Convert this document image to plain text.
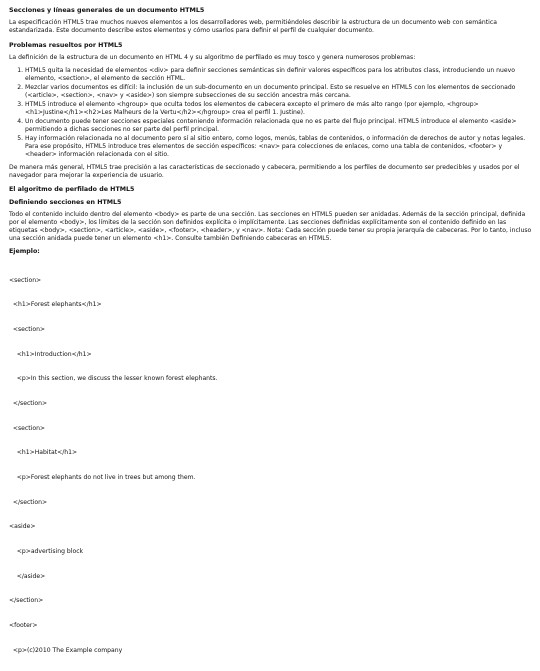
Secciones y líneas generales de un documento HTML5

La especificación HTML5 trae muchos nuevos elementos a los desarrolladores web, permitiéndoles describir la estructura de un documento web con semántica estandarizada. Este documento describe estos elementos y cómo usarlos para definir el perfil de cualquier documento.

Problemas resueltos por HTML5

La definición de la estructura de un documento en HTML 4 y su algoritmo de perfilado es muy tosco y genera numerosos problemas:

1. HTML5 quita la necesidad de elementos <div> para definir secciones semánticas sin definir valores específicos para los atributos class, introduciendo un nuevo elemento, <section>, el elemento de sección HTML.
2. Mezclar varios documentos es difícil: la inclusión de un sub-documento en un documento principal. Esto se resuelve en HTML5 con los elementos de seccionado (<article>, <section>, <nav> y <aside>) son siempre subsecciones de su sección ancestra más cercana.
3. HTML5 introduce el elemento <hgroup> que oculta todos los elementos de cabecera excepto el primero de más alto rango (por ejemplo, <hgroup><h1>Justine</h1><h2>Les Malheurs de la Vertu</h2></hgroup> crea el perfil 1. Justine).
4. Un documento puede tener secciones especiales conteniendo información relacionada que no es parte del flujo principal. HTML5 introduce el elemento <aside> permitiendo a dichas secciones no ser parte del perfil principal.
5. Hay información relacionada no al documento pero sí al sitio entero, como logos, menús, tablas de contenidos, o información de derechos de autor y notas legales. Para ese propósito, HTML5 introduce tres elementos de sección específicos: <nav> para colecciones de enlaces, como una tabla de contenidos, <footer> y <header> información relacionada con el sitio.

De manera más general, HTML5 trae precisión a las características de seccionado y cabecera, permitiendo a los perfiles de documento ser predecibles y usados por el navegador para mejorar la experiencia de usuario.

El algoritmo de perfilado de HTML5
Definiendo secciones en HTML5

Todo el contenido incluido dentro del elemento <body> es parte de una sección. Las secciones en HTML5 pueden ser anidadas. Además de la sección principal, definida por el elemento <body>, los límites de la sección son definidos explícita o implícitamente. Las secciones definidas explícitamente son el contenido definido en las etiquetas <body>, <section>, <article>, <aside>, <footer>, <header>, y <nav>. Nota: Cada sección puede tener su propia jerarquía de cabeceras. Por lo tanto, incluso una sección anidada puede tener un elemento <h1>. Consulte también Definiendo cabeceras en HTML5.

Ejemplo:

<section>

<h1>Forest elephants</h1>

<section>

<h1>Introduction</h1>

<p>In this section, we discuss the lesser known forest elephants.

</section>

<section>

<h1>Habitat</h1>

<p>Forest elephants do not live in trees but among them.

</section>

<aside>

<p>advertising block

</aside>

</section>

<footer>

<p>(c)2010 The Example company
